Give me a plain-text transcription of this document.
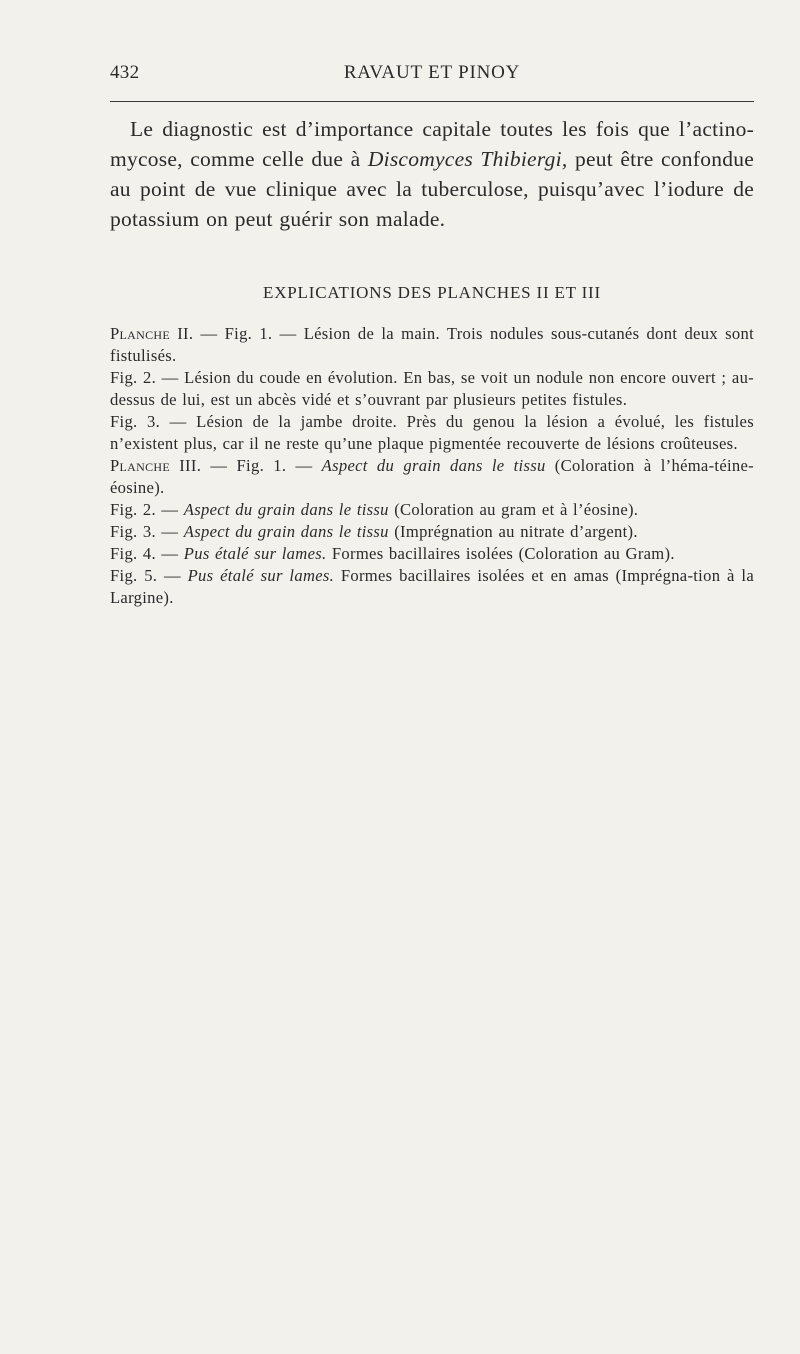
432	RAVAUT ET PINOY

Le diagnostic est d’importance capitale toutes les fois que l’actino-mycose, comme celle due à Discomyces Thibiergi, peut être confondue au point de vue clinique avec la tuberculose, puisqu’avec l’iodure de potassium on peut guérir son malade.

EXPLICATIONS DES PLANCHES II ET III

Planche II. — Fig. 1. — Lésion de la main. Trois nodules sous-cutanés dont deux sont fistulisés.

Fig. 2. — Lésion du coude en évolution. En bas, se voit un nodule non encore ouvert ; au-dessus de lui, est un abcès vidé et s’ouvrant par plusieurs petites fistules.

Fig. 3. — Lésion de la jambe droite. Près du genou la lésion a évolué, les fistules n’existent plus, car il ne reste qu’une plaque pigmentée recouverte de lésions croûteuses.

Planche III. — Fig. 1. — Aspect du grain dans le tissu (Coloration à l’héma-téine-éosine).

Fig. 2. — Aspect du grain dans le tissu (Coloration au gram et à l’éosine).

Fig. 3. — Aspect du grain dans le tissu (Imprégnation au nitrate d’argent).

Fig. 4. — Pus étalé sur lames. Formes bacillaires isolées (Coloration au Gram).

Fig. 5. — Pus étalé sur lames. Formes bacillaires isolées et en amas (Imprégna-tion à la Largine).
